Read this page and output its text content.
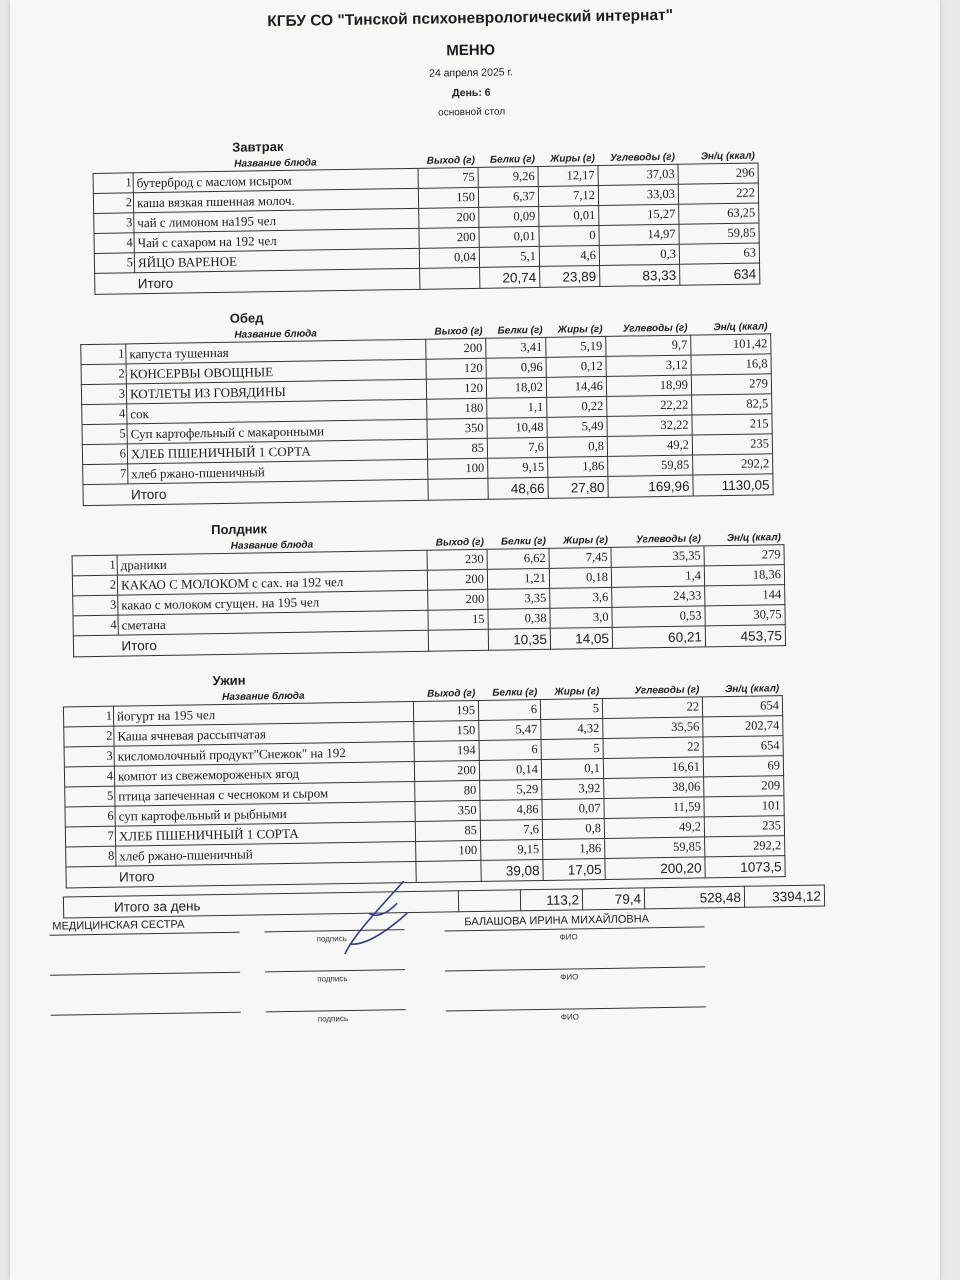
КГБУ СО "Тинской психоневрологический интернат"
МЕНЮ
24 апреля 2025 г.
День: 6
основной стол
Завтрак
	Название блюда	Выход (г)	Белки (г)	Жиры (г)	Углеводы (г)	Эн/ц (ккал)
1	бутерброд с маслом исыром	75	9,26	12,17	37,03	296
2	каша вязкая пшенная молоч.	150	6,37	7,12	33,03	222
3	чай с лимоном на195 чел	200	0,09	0,01	15,27	63,25
4	Чай с сахаром на 192 чел	200	0,01	0	14,97	59,85
5	ЯЙЦО ВАРЕНОЕ	0,04	5,1	4,6	0,3	63
	Итого		20,74	23,89	83,33	634
Обед
	Название блюда	Выход (г)	Белки (г)	Жиры (г)	Углеводы (г)	Эн/ц (ккал)
1	капуста тушенная	200	3,41	5,19	9,7	101,42
2	КОНСЕРВЫ ОВОЩНЫЕ	120	0,96	0,12	3,12	16,8
3	КОТЛЕТЫ ИЗ ГОВЯДИНЫ	120	18,02	14,46	18,99	279
4	сок	180	1,1	0,22	22,22	82,5
5	Суп картофельный с макаронными	350	10,48	5,49	32,22	215
6	ХЛЕБ ПШЕНИЧНЫЙ 1 СОРТА	85	7,6	0,8	49,2	235
7	хлеб ржано-пшеничный	100	9,15	1,86	59,85	292,2
	Итого		48,66	27,80	169,96	1130,05
Полдник
	Название блюда	Выход (г)	Белки (г)	Жиры (г)	Углеводы (г)	Эн/ц (ккал)
1	драники	230	6,62	7,45	35,35	279
2	КАКАО С МОЛОКОМ с сах. на 192 чел	200	1,21	0,18	1,4	18,36
3	какао с молоком сгущен. на 195 чел	200	3,35	3,6	24,33	144
4	сметана	15	0,38	3,0	0,53	30,75
	Итого		10,35	14,05	60,21	453,75
Ужин
	Название блюда	Выход (г)	Белки (г)	Жиры (г)	Углеводы (г)	Эн/ц (ккал)
1	йогурт на 195 чел	195	6	5	22	654
2	Каша ячневая рассыпчатая	150	5,47	4,32	35,56	202,74
3	кисломолочный продукт"Снежок" на 192	194	6	5	22	654
4	компот из свежемороженых ягод	200	0,14	0,1	16,61	69
5	птица запеченная с чесноком и сыром	80	5,29	3,92	38,06	209
6	суп картофельный и рыбными	350	4,86	0,07	11,59	101
7	ХЛЕБ ПШЕНИЧНЫЙ 1 СОРТА	85	7,6	0,8	49,2	235
8	хлеб ржано-пшеничный	100	9,15	1,86	59,85	292,2
	Итого		39,08	17,05	200,20	1073,5
Итого за день		113,2	79,4	528,48	3394,12
МЕДИЦИНСКАЯ СЕСТРА
подпись
БАЛАШОВА ИРИНА МИХАЙЛОВНА
ФИО
подпись	ФИО
подпись	ФИО
